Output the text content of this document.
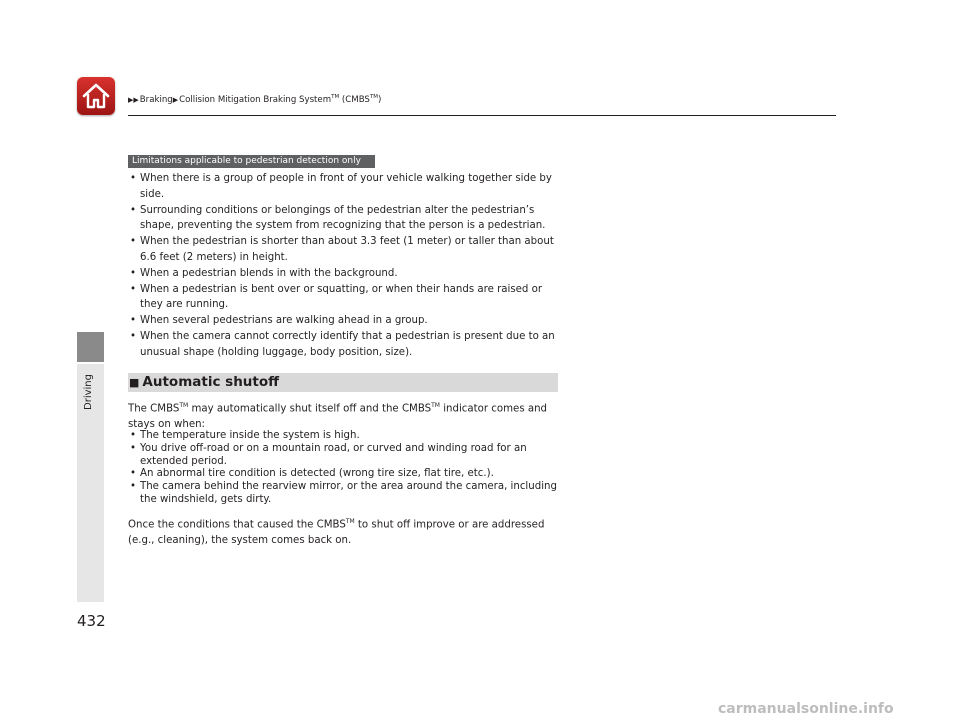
▶▶Braking▶Collision Mitigation Braking System™ (CMBS™)
Driving
Limitations applicable to pedestrian detection only
• When there is a group of people in front of your vehicle walking together side by side.
• Surrounding conditions or belongings of the pedestrian alter the pedestrian’s shape, preventing the system from recognizing that the person is a pedestrian.
• When the pedestrian is shorter than about 3.3 feet (1 meter) or taller than about 6.6 feet (2 meters) in height.
• When a pedestrian blends in with the background.
• When a pedestrian is bent over or squatting, or when their hands are raised or they are running.
• When several pedestrians are walking ahead in a group.
• When the camera cannot correctly identify that a pedestrian is present due to an unusual shape (holding luggage, body position, size).
■ Automatic shutoff

The CMBS™ may automatically shut itself off and the CMBS™ indicator comes and stays on when:

• The temperature inside the system is high.
• You drive off-road or on a mountain road, or curved and winding road for an extended period.
• An abnormal tire condition is detected (wrong tire size, flat tire, etc.).
• The camera behind the rearview mirror, or the area around the camera, including the windshield, gets dirty.

Once the conditions that caused the CMBS™ to shut off improve or are addressed (e.g., cleaning), the system comes back on.

432
carmanualsonline.info
